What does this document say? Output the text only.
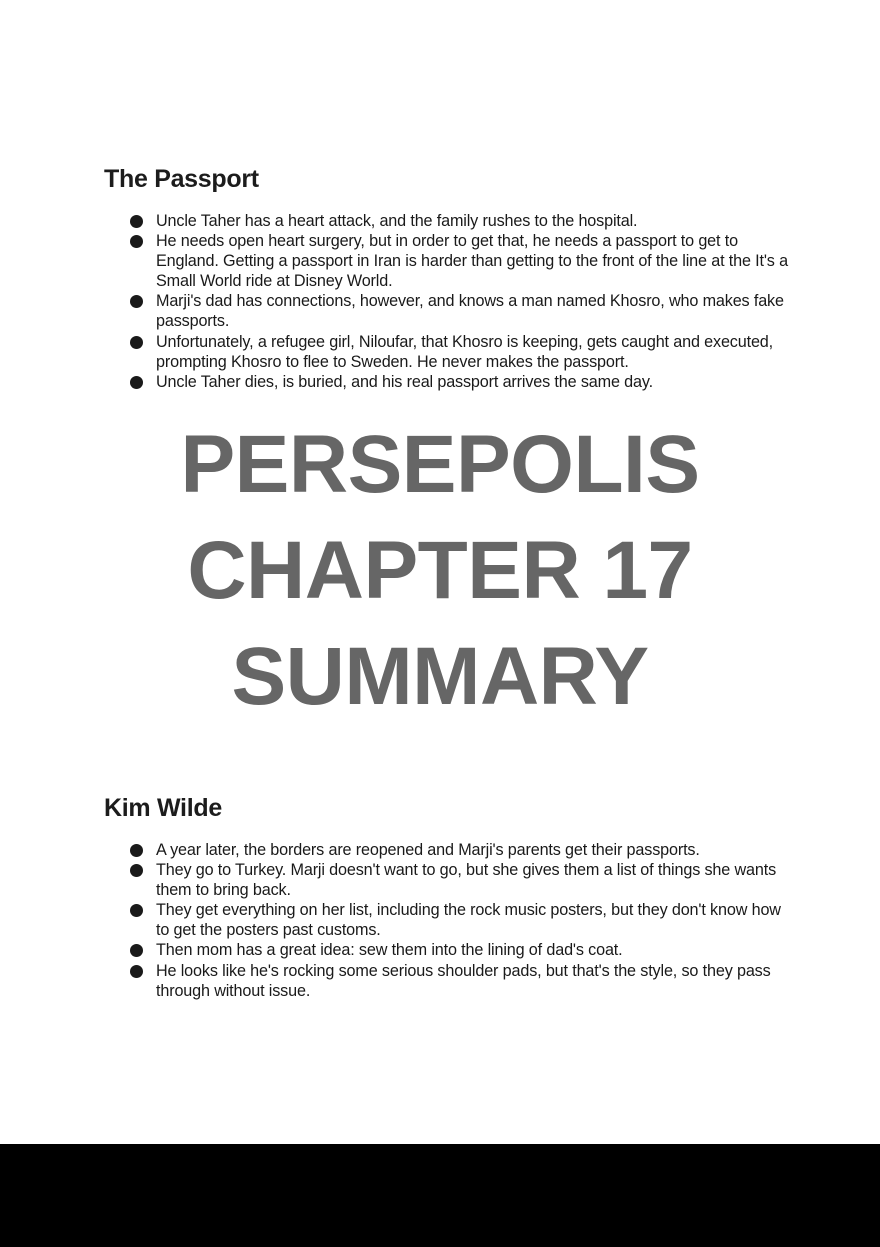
The Passport
Uncle Taher has a heart attack, and the family rushes to the hospital.
He needs open heart surgery, but in order to get that, he needs a passport to get to England. Getting a passport in Iran is harder than getting to the front of the line at the It's a Small World ride at Disney World.
Marji's dad has connections, however, and knows a man named Khosro, who makes fake passports.
Unfortunately, a refugee girl, Niloufar, that Khosro is keeping, gets caught and executed, prompting Khosro to flee to Sweden. He never makes the passport.
Uncle Taher dies, is buried, and his real passport arrives the same day.
PERSEPOLIS
CHAPTER 17
SUMMARY
Kim Wilde
A year later, the borders are reopened and Marji's parents get their passports.
They go to Turkey. Marji doesn't want to go, but she gives them a list of things she wants them to bring back.
They get everything on her list, including the rock music posters, but they don't know how to get the posters past customs.
Then mom has a great idea: sew them into the lining of dad's coat.
He looks like he's rocking some serious shoulder pads, but that's the style, so they pass through without issue.
